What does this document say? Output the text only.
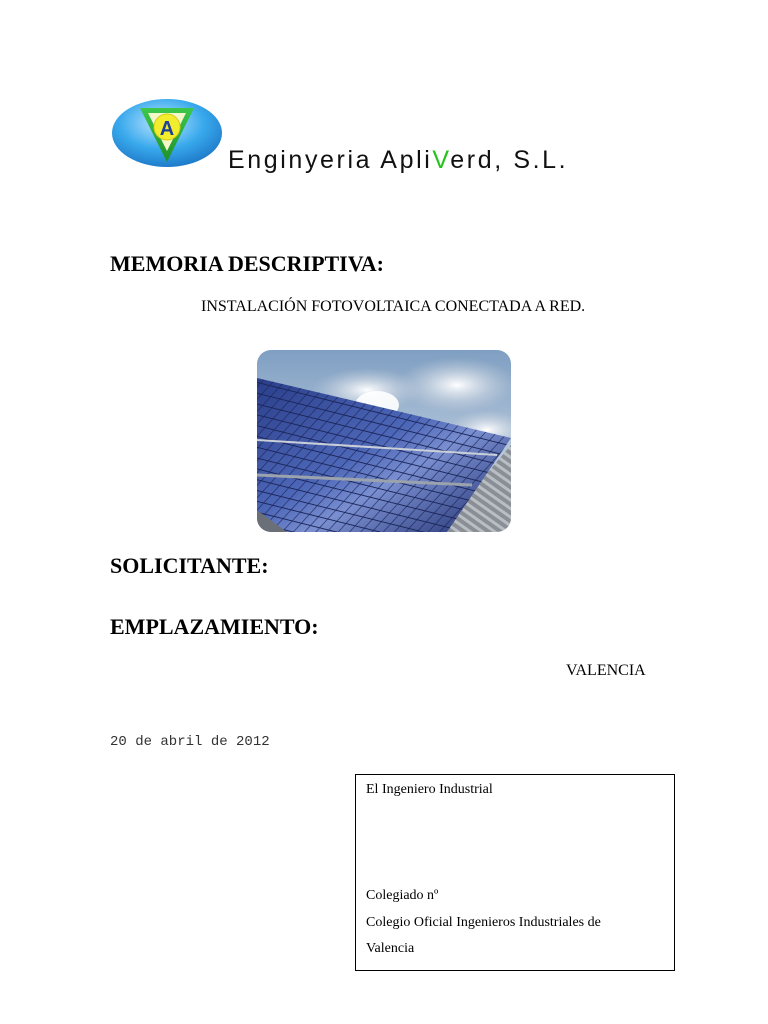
A
Enginyeria ApliVerd, S.L.
MEMORIA DESCRIPTIVA:
INSTALACIÓN FOTOVOLTAICA CONECTADA A RED.
SOLICITANTE:
EMPLAZAMIENTO:
VALENCIA
20 de abril de 2012
El Ingeniero Industrial
Colegiado nº
Colegio Oficial Ingenieros Industriales de
Valencia
